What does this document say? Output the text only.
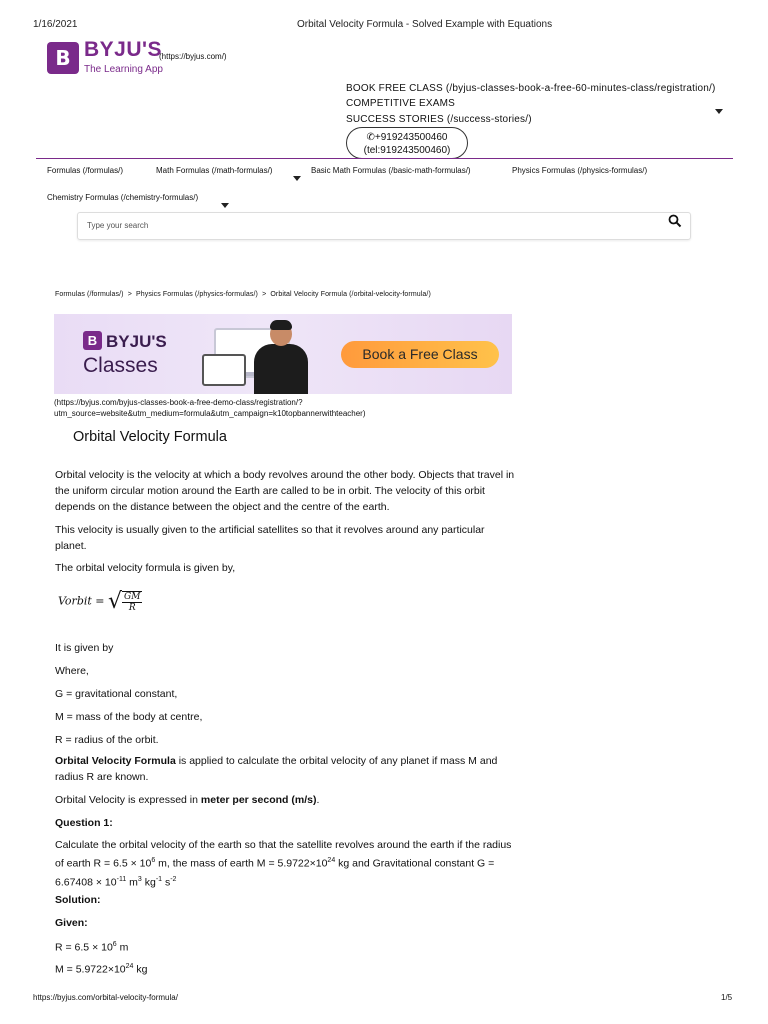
1/16/2021	Orbital Velocity Formula - Solved Example with Equations
B BYJU'S
The Learning App
(https://byjus.com/)
BOOK FREE CLASS (/byjus-classes-book-a-free-60-minutes-class/registration/)
COMPETITIVE EXAMS
SUCCESS STORIES (/success-stories/)
✆+919243500460
(tel:919243500460)
Formulas (/formulas/)	Math Formulas (/math-formulas/)	Basic Math Formulas (/basic-math-formulas/)	Physics Formulas (/physics-formulas/)
Chemistry Formulas (/chemistry-formulas/)
Type your search
Formulas (/formulas/) > Physics Formulas (/physics-formulas/) > Orbital Velocity Formula (/orbital-velocity-formula/)
B BYJU'S
Classes	Book a Free Class
(https://byjus.com/byjus-classes-book-a-free-demo-class/registration/?utm_source=website&utm_medium=formula&utm_campaign=k10topbannerwithteacher)
Orbital Velocity Formula
Orbital velocity is the velocity at which a body revolves around the other body. Objects that travel in the uniform circular motion around the Earth are called to be in orbit. The velocity of this orbit depends on the distance between the object and the centre of the earth.
This velocity is usually given to the artificial satellites so that it revolves around any particular planet.
The orbital velocity formula is given by,
Vorbit = √ $\frac{GM}{R}$
It is given by
Where,
G = gravitational constant,
M = mass of the body at centre,
R = radius of the orbit.
Orbital Velocity Formula is applied to calculate the orbital velocity of any planet if mass M and radius R are known.
Orbital Velocity is expressed in meter per second (m/s).
Question 1:
Calculate the orbital velocity of the earth so that the satellite revolves around the earth if the radius of earth $R = 6.5 \times 10^6$ m, the mass of earth $M = 5.9722\times 10^{24}$ kg and Gravitational constant $G = 6.67408 \times 10^{-11}$ $m^3$ $kg^{-1}$ $s^{-2}$
Solution:
Given:
$R = 6.5 \times 10^6$ m
$M = 5.9722\times 10^{24}$ kg
https://byjus.com/orbital-velocity-formula/	1/5
